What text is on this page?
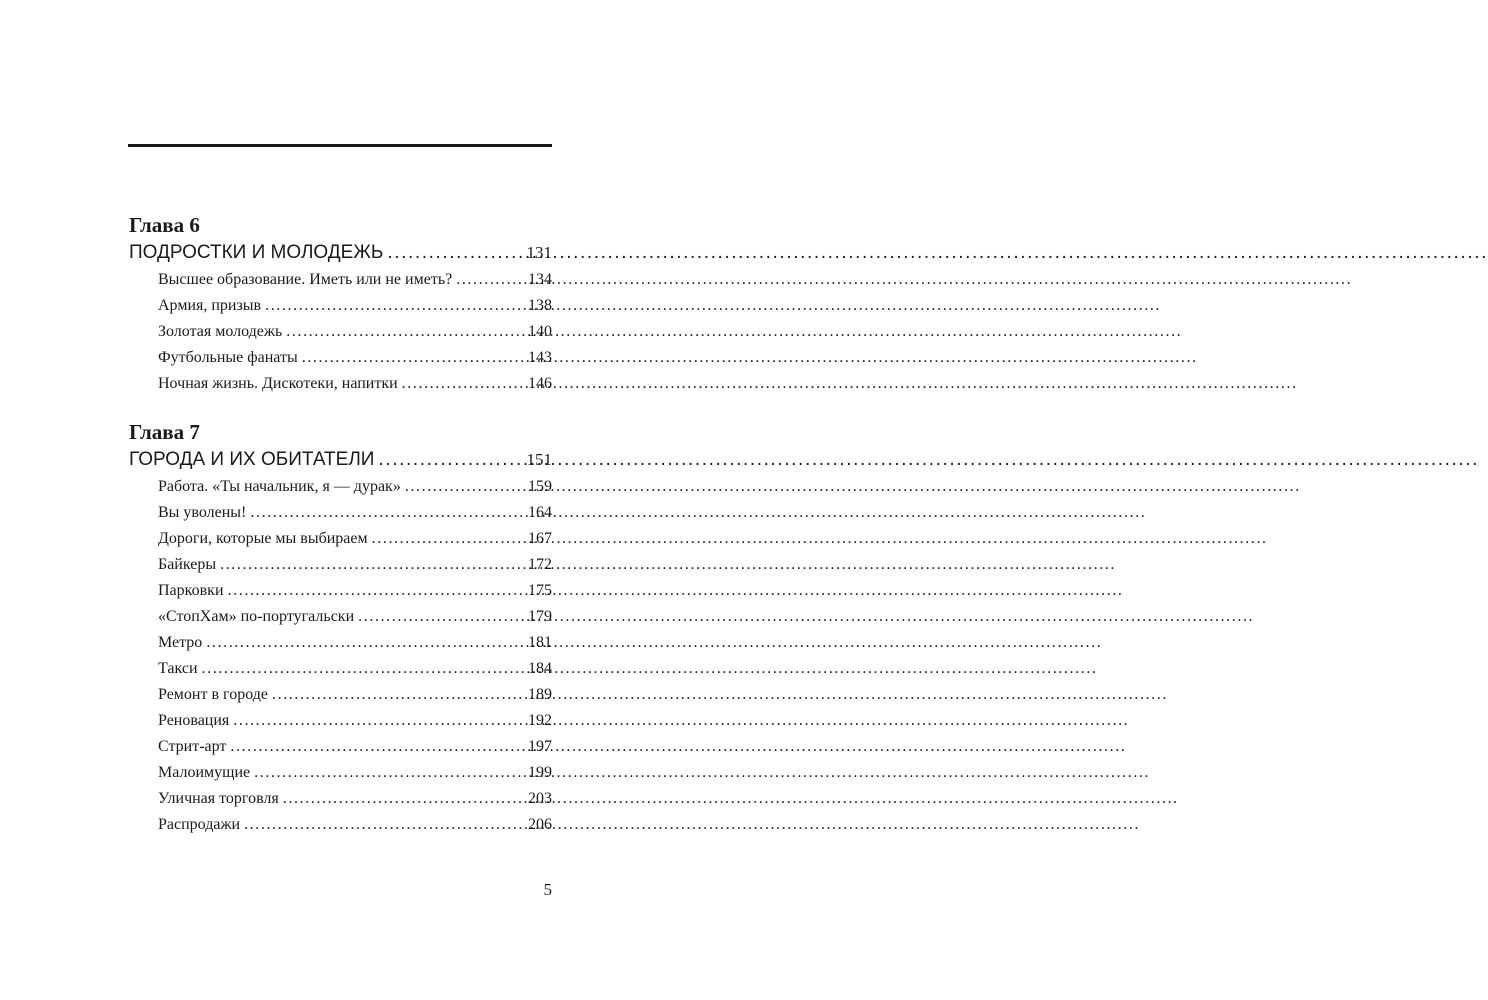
Глава 6
ПОДРОСТКИ И МОЛОДЕЖЬ .....	131
Высшее образование. Иметь или не иметь? .....	134
Армия, призыв .....	138
Золотая молодежь .....	140
Футбольные фанаты .....	143
Ночная жизнь. Дискотеки, напитки .....	146
Глава 7
ГОРОДА И ИХ ОБИТАТЕЛИ .....	151
Работа. «Ты начальник, я — дурак» .....	159
Вы уволены! .....	164
Дороги, которые мы выбираем .....	167
Байкеры .....	172
Парковки .....	175
«СтопХам» по-португальски .....	179
Метро .....	181
Такси .....	184
Ремонт в городе .....	189
Реновация .....	192
Стрит-арт .....	197
Малоимущие .....	199
Уличная торговля .....	203
Распродажи .....	206
5
